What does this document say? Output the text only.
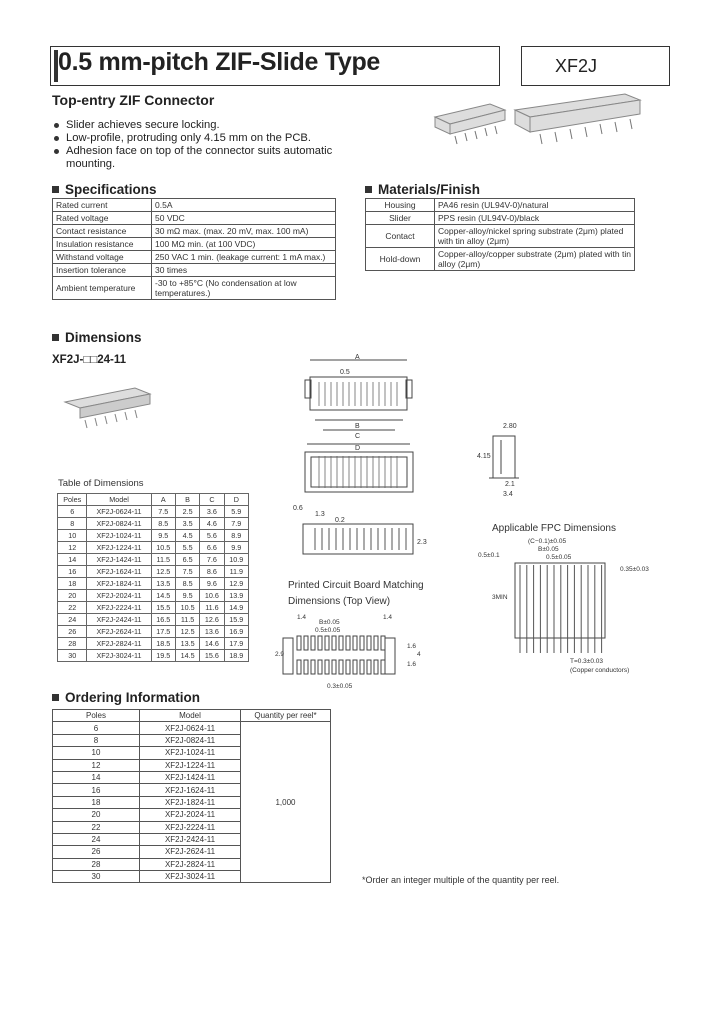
0.5 mm-pitch ZIF-Slide Type	XF2J
Top-entry ZIF Connector
Slider achieves secure locking.
Low-profile, protruding only 4.15 mm on the PCB.
Adhesion face on top of the connector suits automatic mounting.
Specifications
Rated current	0.5A
Rated voltage	50 VDC
Contact resistance	30 mΩ max. (max. 20 mV, max. 100 mA)
Insulation resistance	100 MΩ min. (at 100 VDC)
Withstand voltage	250 VAC 1 min. (leakage current: 1 mA max.)
Insertion tolerance	30 times
Ambient temperature	-30 to +85°C (No condensation at low temperatures.)
Materials/Finish
Housing	PA46 resin (UL94V-0)/natural
Slider	PPS resin (UL94V-0)/black
Contact	Copper-alloy/nickel spring substrate (2μm) plated with tin alloy (2μm)
Hold-down	Copper-alloy/copper substrate (2μm) plated with tin alloy (2μm)
Dimensions
XF2J-□□24-11
Table of Dimensions
Poles	Model	A	B	C	D
6	XF2J-0624-11	7.5	2.5	3.6	5.9
8	XF2J-0824-11	8.5	3.5	4.6	7.9
10	XF2J-1024-11	9.5	4.5	5.6	8.9
12	XF2J-1224-11	10.5	5.5	6.6	9.9
14	XF2J-1424-11	11.5	6.5	7.6	10.9
16	XF2J-1624-11	12.5	7.5	8.6	11.9
18	XF2J-1824-11	13.5	8.5	9.6	12.9
20	XF2J-2024-11	14.5	9.5	10.6	13.9
22	XF2J-2224-11	15.5	10.5	11.6	14.9
24	XF2J-2424-11	16.5	11.5	12.6	15.9
26	XF2J-2624-11	17.5	12.5	13.6	16.9
28	XF2J-2824-11	18.5	13.5	14.6	17.9
30	XF2J-3024-11	19.5	14.5	15.6	18.9
A
0.5
B
C
D
0.6
1.3
2.80
4.15
2.1
3.4
0.2
2.3
Printed Circuit Board Matching
Dimensions (Top View)
1.4	1.4
B±0.05
0.5±0.05
2.9
1.6
4
1.6
0.3±0.05
Applicable FPC Dimensions
(C−0.1)±0.05
B±0.05
0.5±0.05
0.5±0.1
0.35±0.03
3MIN
T=0.3±0.03
(Copper conductors)
Ordering Information
Poles	Model	Quantity per reel*
6	XF2J-0624-11	1,000
8	XF2J-0824-11	
10	XF2J-1024-11	
12	XF2J-1224-11	
14	XF2J-1424-11	
16	XF2J-1624-11	
18	XF2J-1824-11	
20	XF2J-2024-11	
22	XF2J-2224-11	
24	XF2J-2424-11	
26	XF2J-2624-11	
28	XF2J-2824-11	
30	XF2J-3024-11		*Order an integer multiple of the quantity per reel.
